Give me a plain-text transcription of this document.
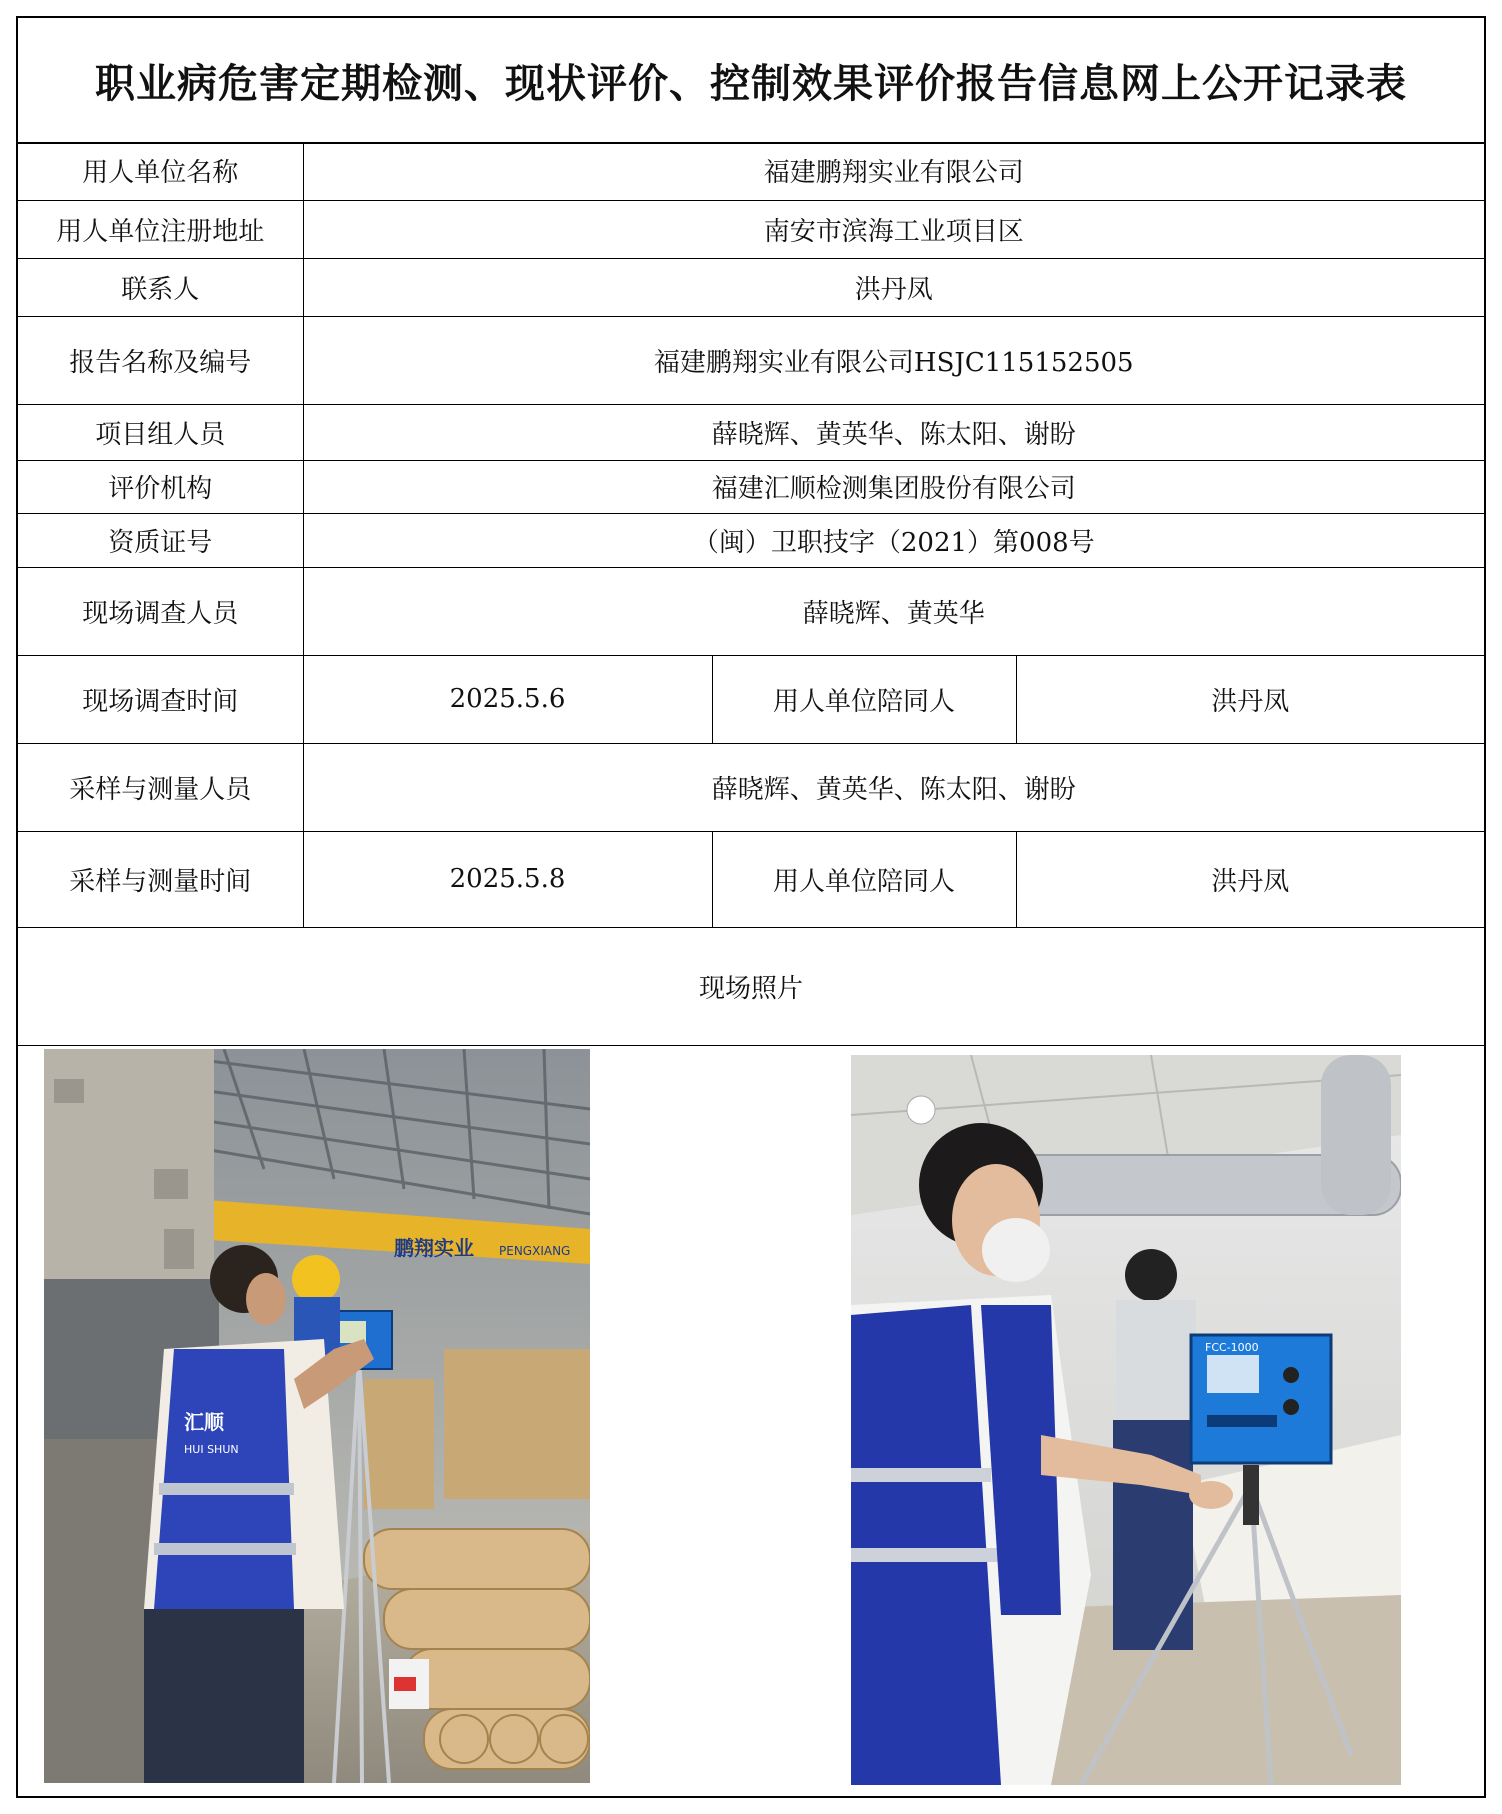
职业病危害定期检测、现状评价、控制效果评价报告信息网上公开记录表
用人单位名称	福建鹏翔实业有限公司		
用人单位注册地址	南安市滨海工业项目区		
联系人	洪丹凤		
报告名称及编号	福建鹏翔实业有限公司HSJC115152505		
项目组人员	薛晓辉、黄英华、陈太阳、谢盼		
评价机构	福建汇顺检测集团股份有限公司		
资质证号	（闽）卫职技字（2021）第008号		
现场调查人员	薛晓辉、黄英华		
现场调查时间	2025.5.6	用人单位陪同人	洪丹凤
采样与测量人员	薛晓辉、黄英华、陈太阳、谢盼		
采样与测量时间	2025.5.8	用人单位陪同人	洪丹凤
现场照片			
鹏翔实业 PENGXIANG
汇顺
HUI SHUN
FCC-1000
